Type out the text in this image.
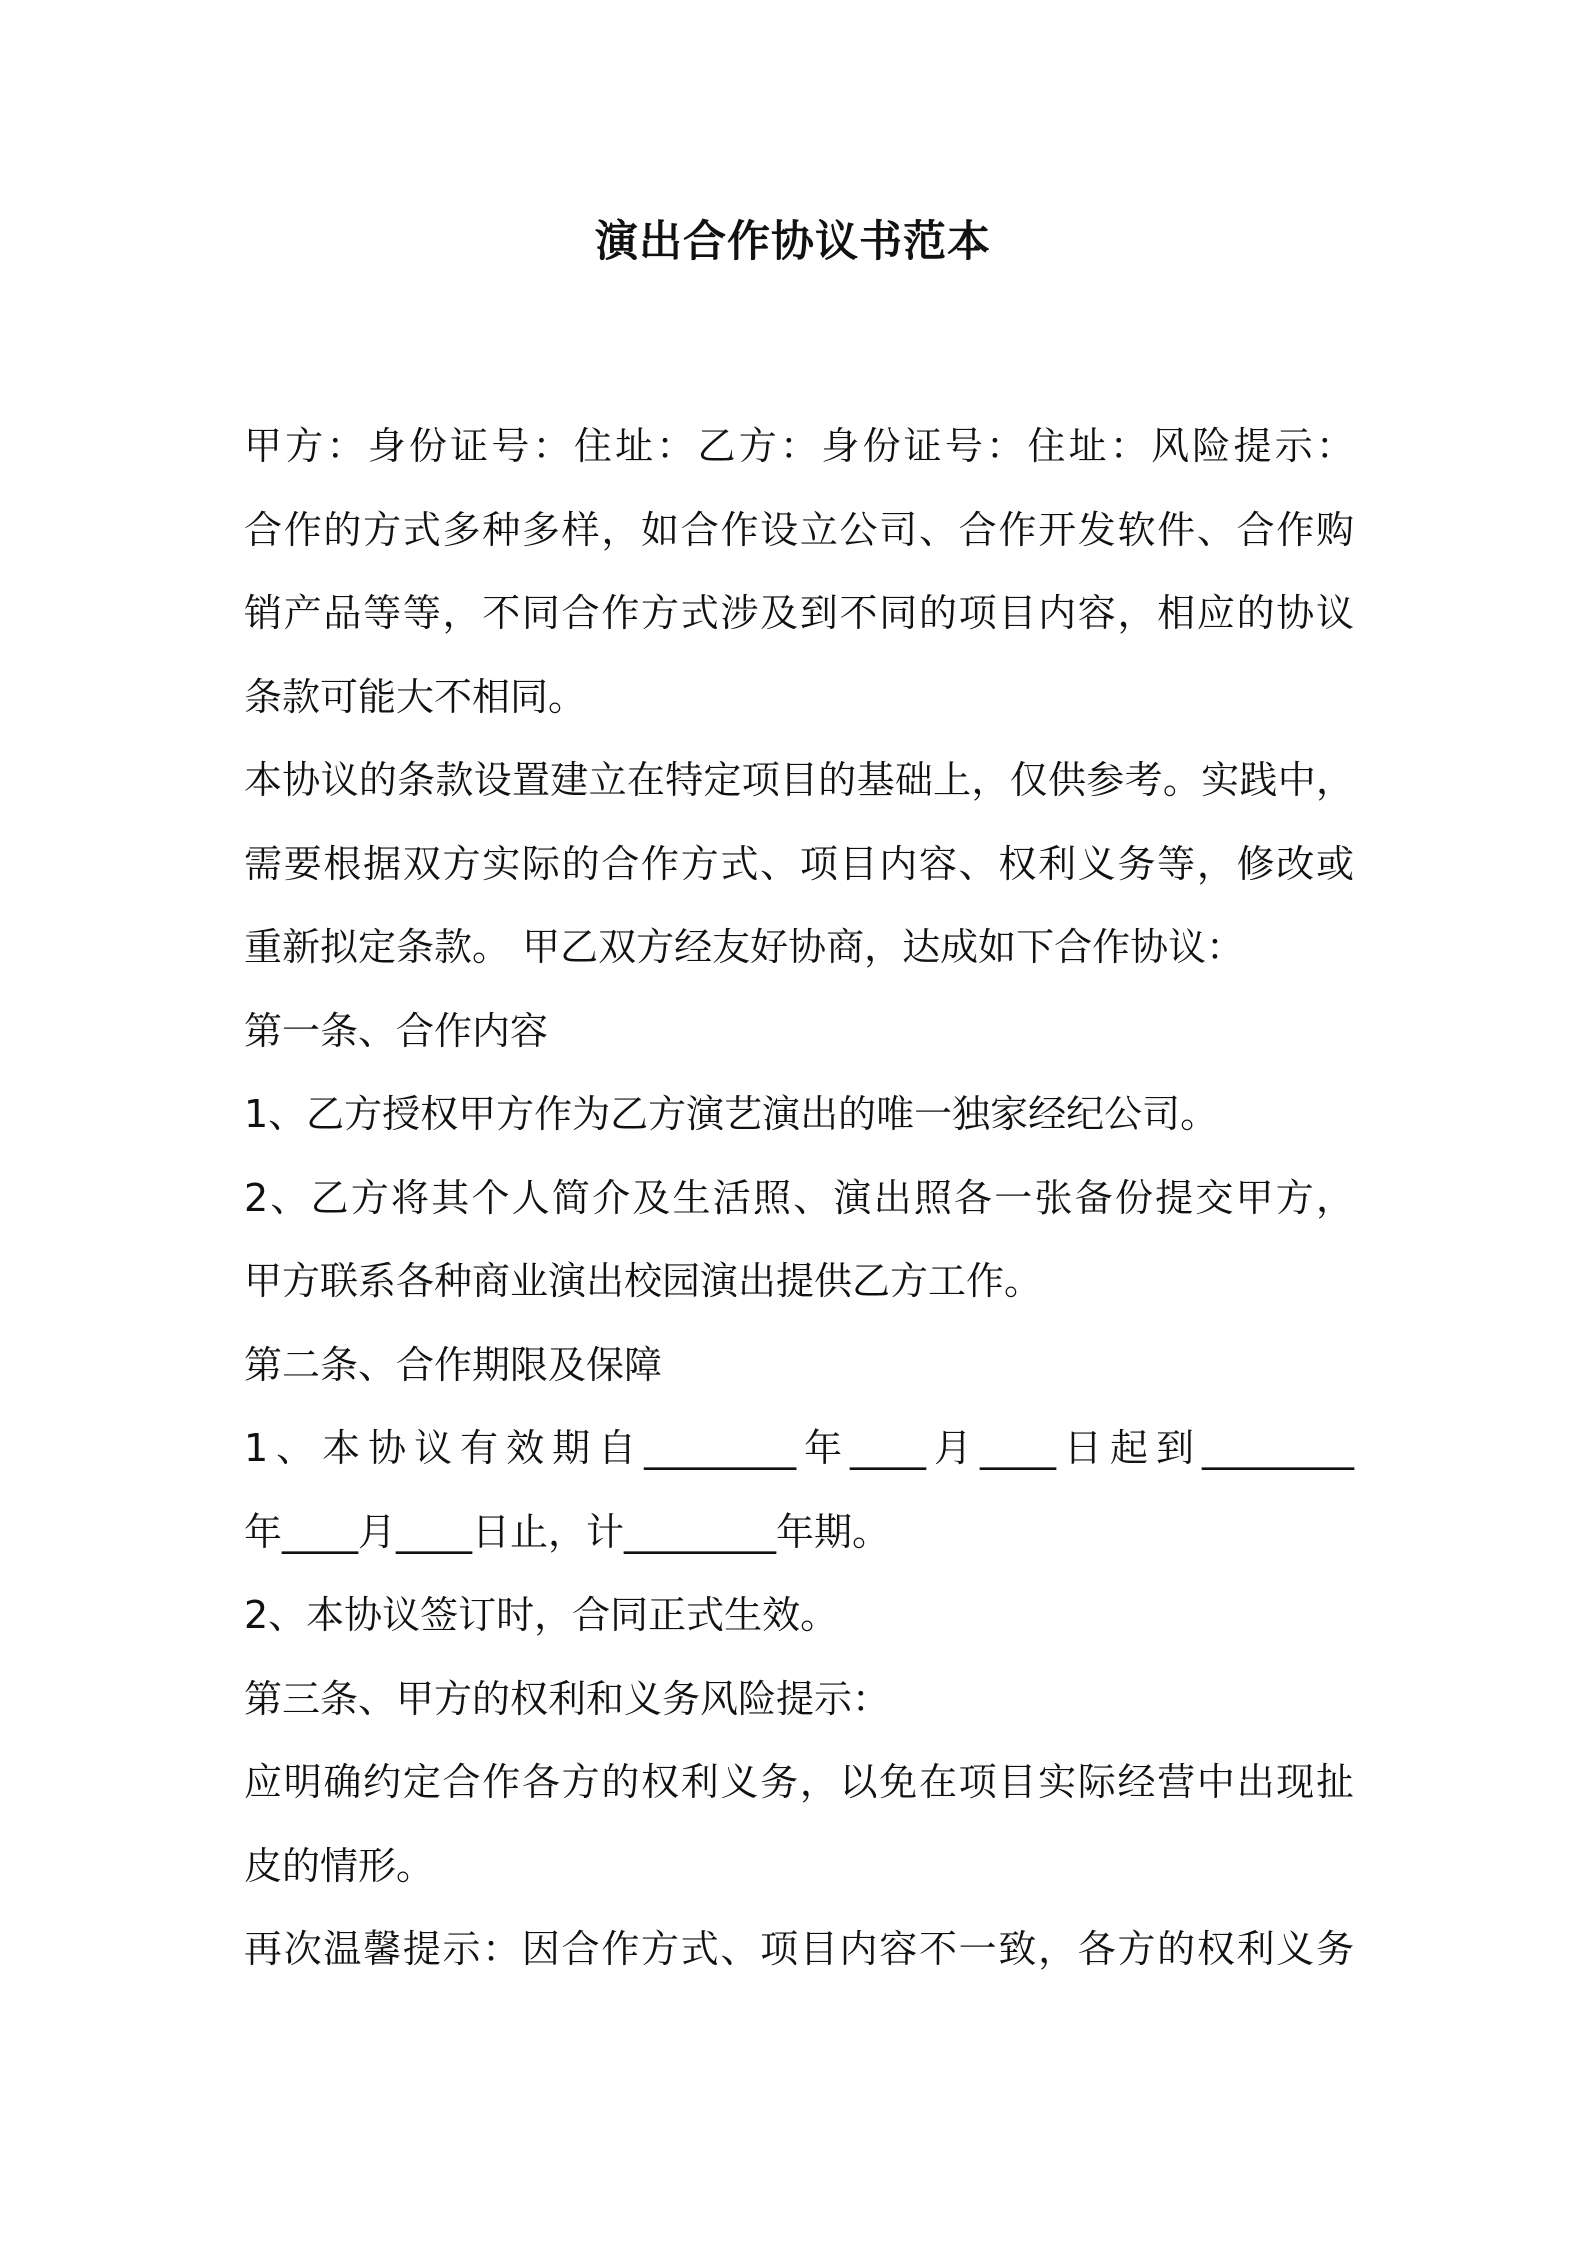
演出合作协议书范本
甲方：身份证号：住址：乙方：身份证号：住址：风险提示：
合作的方式多种多样，如合作设立公司、合作开发软件、合作购
销产品等等，不同合作方式涉及到不同的项目内容，相应的协议
条款可能大不相同。
本协议的条款设置建立在特定项目的基础上，仅供参考。实践中，
需要根据双方实际的合作方式、项目内容、权利义务等，修改或
重新拟定条款。 甲乙双方经友好协商，达成如下合作协议：
第一条、合作内容
1、乙方授权甲方作为乙方演艺演出的唯一独家经纪公司。
2、乙方将其个人简介及生活照、演出照各一张备份提交甲方，
甲方联系各种商业演出校园演出提供乙方工作。
第二条、合作期限及保障
1、本协议有效期自________年____月____日起到________
年____月____日止，计________年期。
2、本协议签订时，合同正式生效。
第三条、甲方的权利和义务风险提示：
应明确约定合作各方的权利义务，以免在项目实际经营中出现扯
皮的情形。
再次温馨提示：因合作方式、项目内容不一致，各方的权利义务
